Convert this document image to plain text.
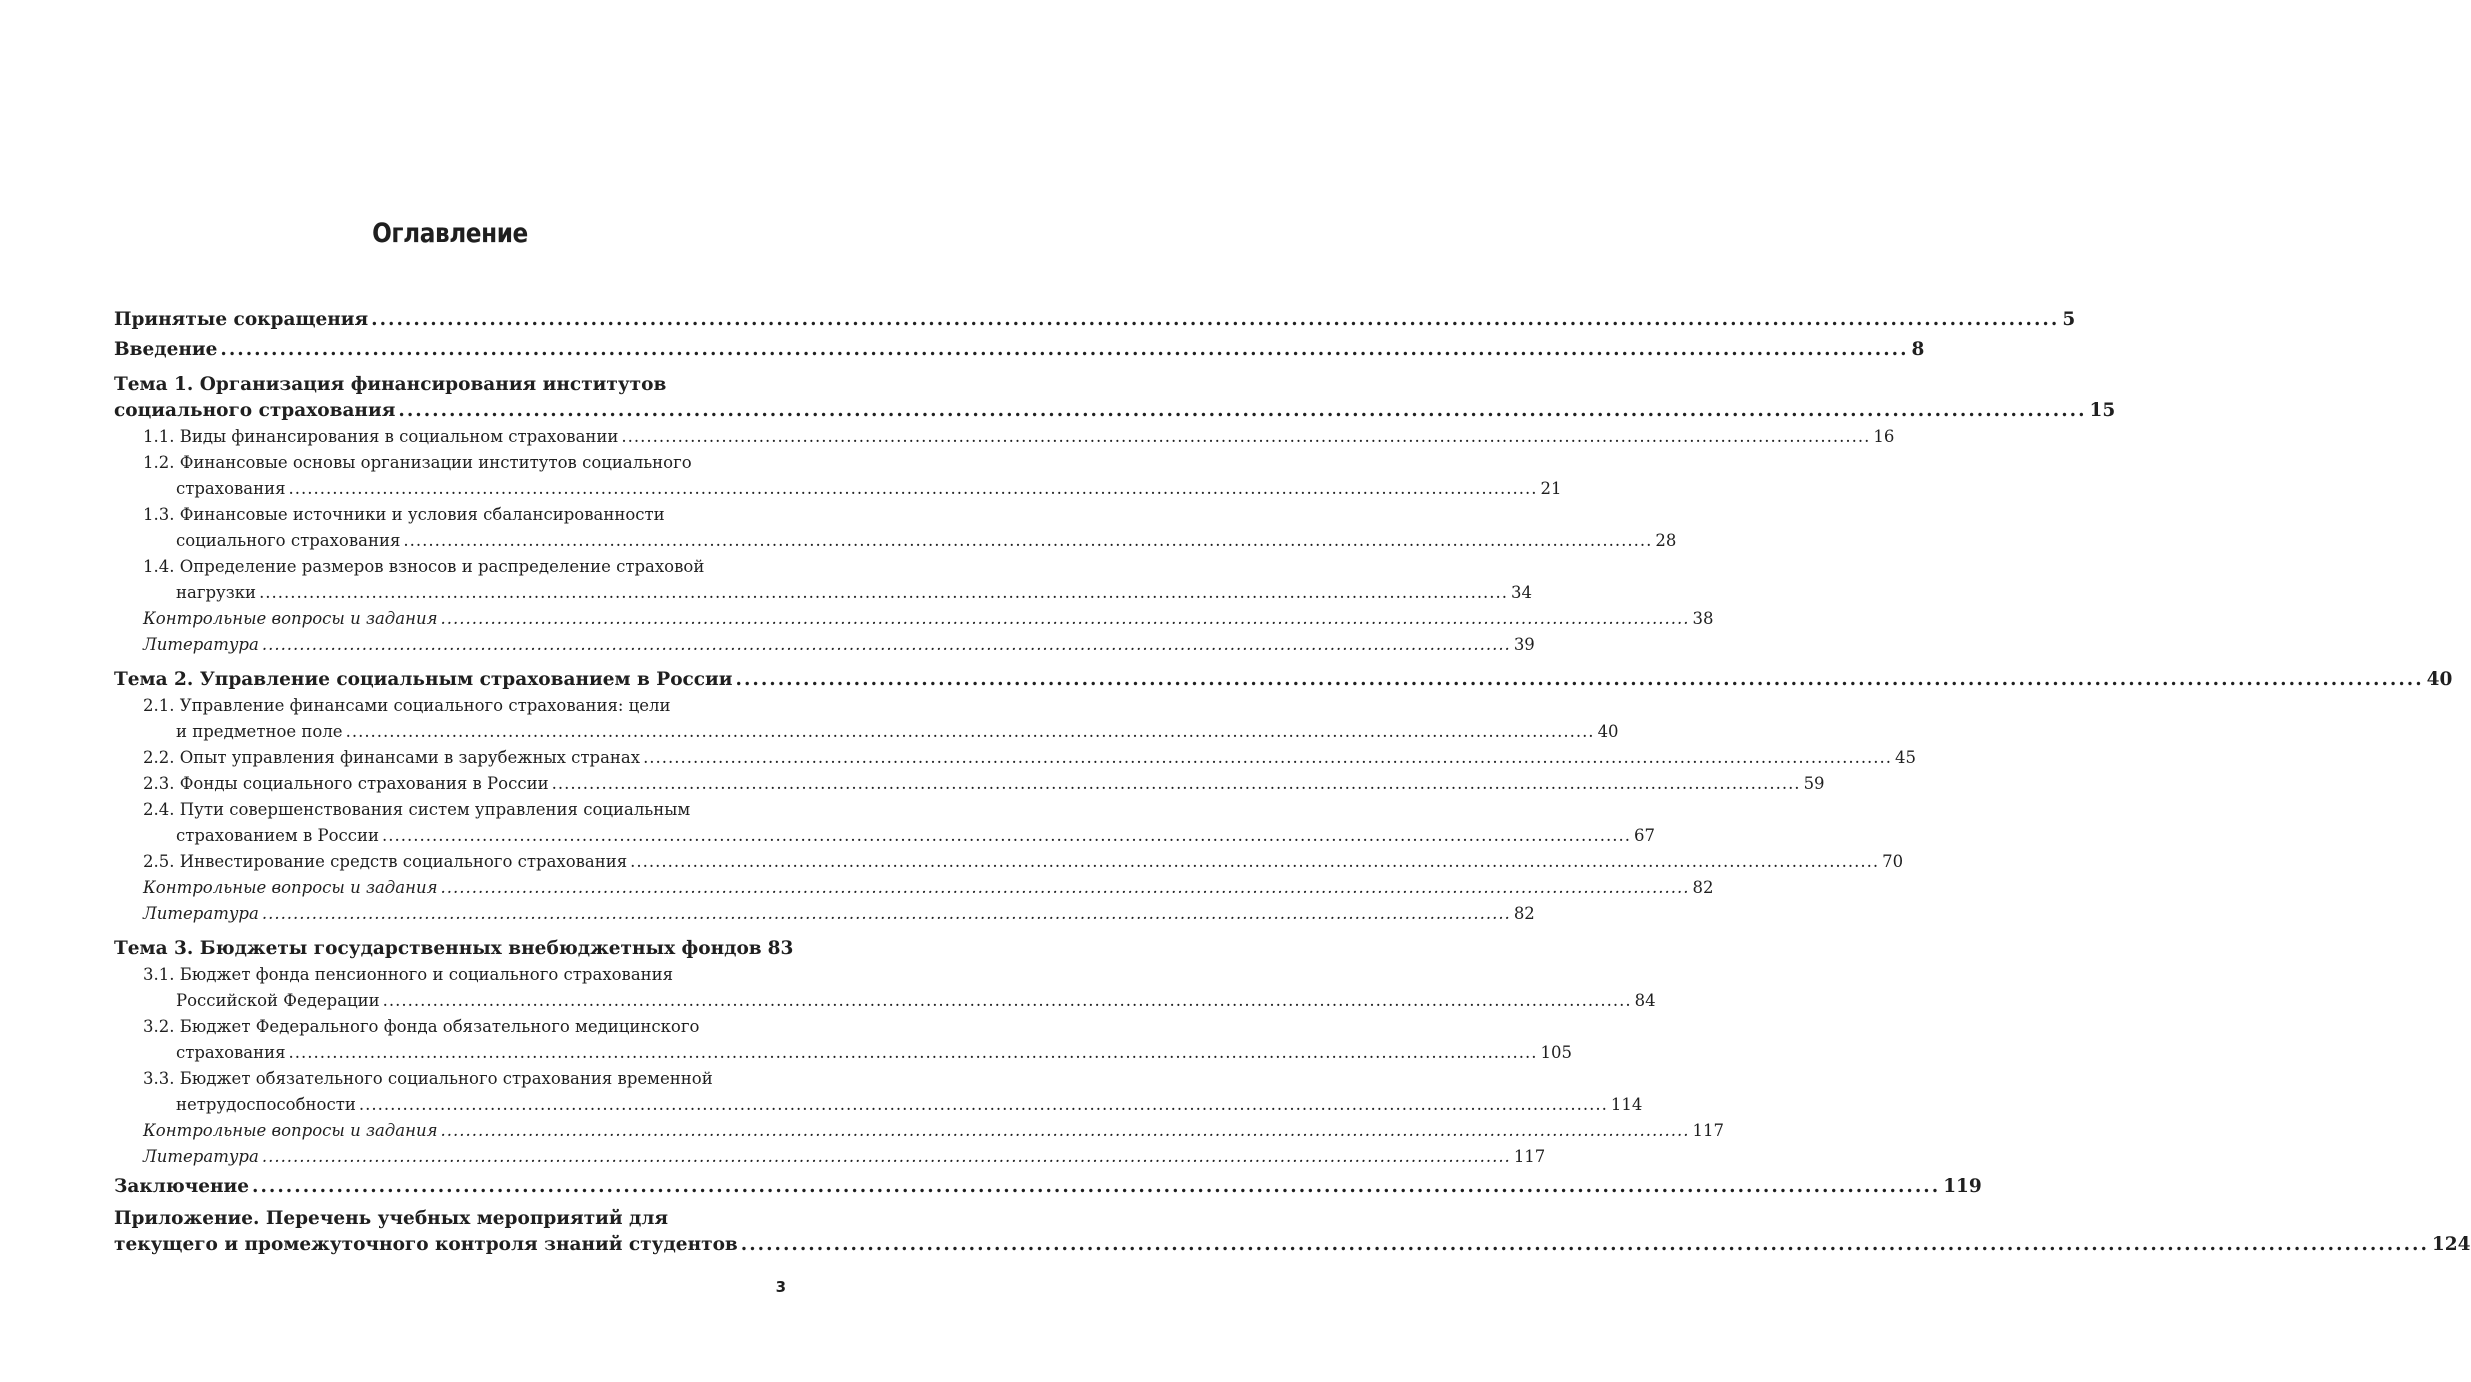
Оглавление
Принятые сокращения .....	5
Введение .....	8
Тема 1. Организация финансирования институтов
социального страхования .....	15
1.1. Виды финансирования в социальном страховании .....	16
1.2. Финансовые основы организации институтов социального
страхования .....	21
1.3. Финансовые источники и условия сбалансированности
социального страхования .....	28
1.4. Определение размеров взносов и распределение страховой
нагрузки .....	34
Контрольные вопросы и задания .....	38
Литература .....	39
Тема 2. Управление социальным страхованием в России .....	40
2.1. Управление финансами социального страхования: цели
и предметное поле .....	40
2.2. Опыт управления финансами в зарубежных странах .....	45
2.3. Фонды социального страхования в России .....	59
2.4. Пути совершенствования систем управления социальным
страхованием в России .....	67
2.5. Инвестирование средств социального страхования .....	70
Контрольные вопросы и задания .....	82
Литература .....	82
Тема 3. Бюджеты государственных внебюджетных фондов 83
3.1. Бюджет фонда пенсионного и социального страхования
Российской Федерации .....	84
3.2. Бюджет Федерального фонда обязательного медицинского
страхования .....	105
3.3. Бюджет обязательного социального страхования временной
нетрудоспособности .....	114
Контрольные вопросы и задания .....	117
Литература .....	117
Заключение .....	119
Приложение. Перечень учебных мероприятий для
текущего и промежуточного контроля знаний студентов .....	124
3
